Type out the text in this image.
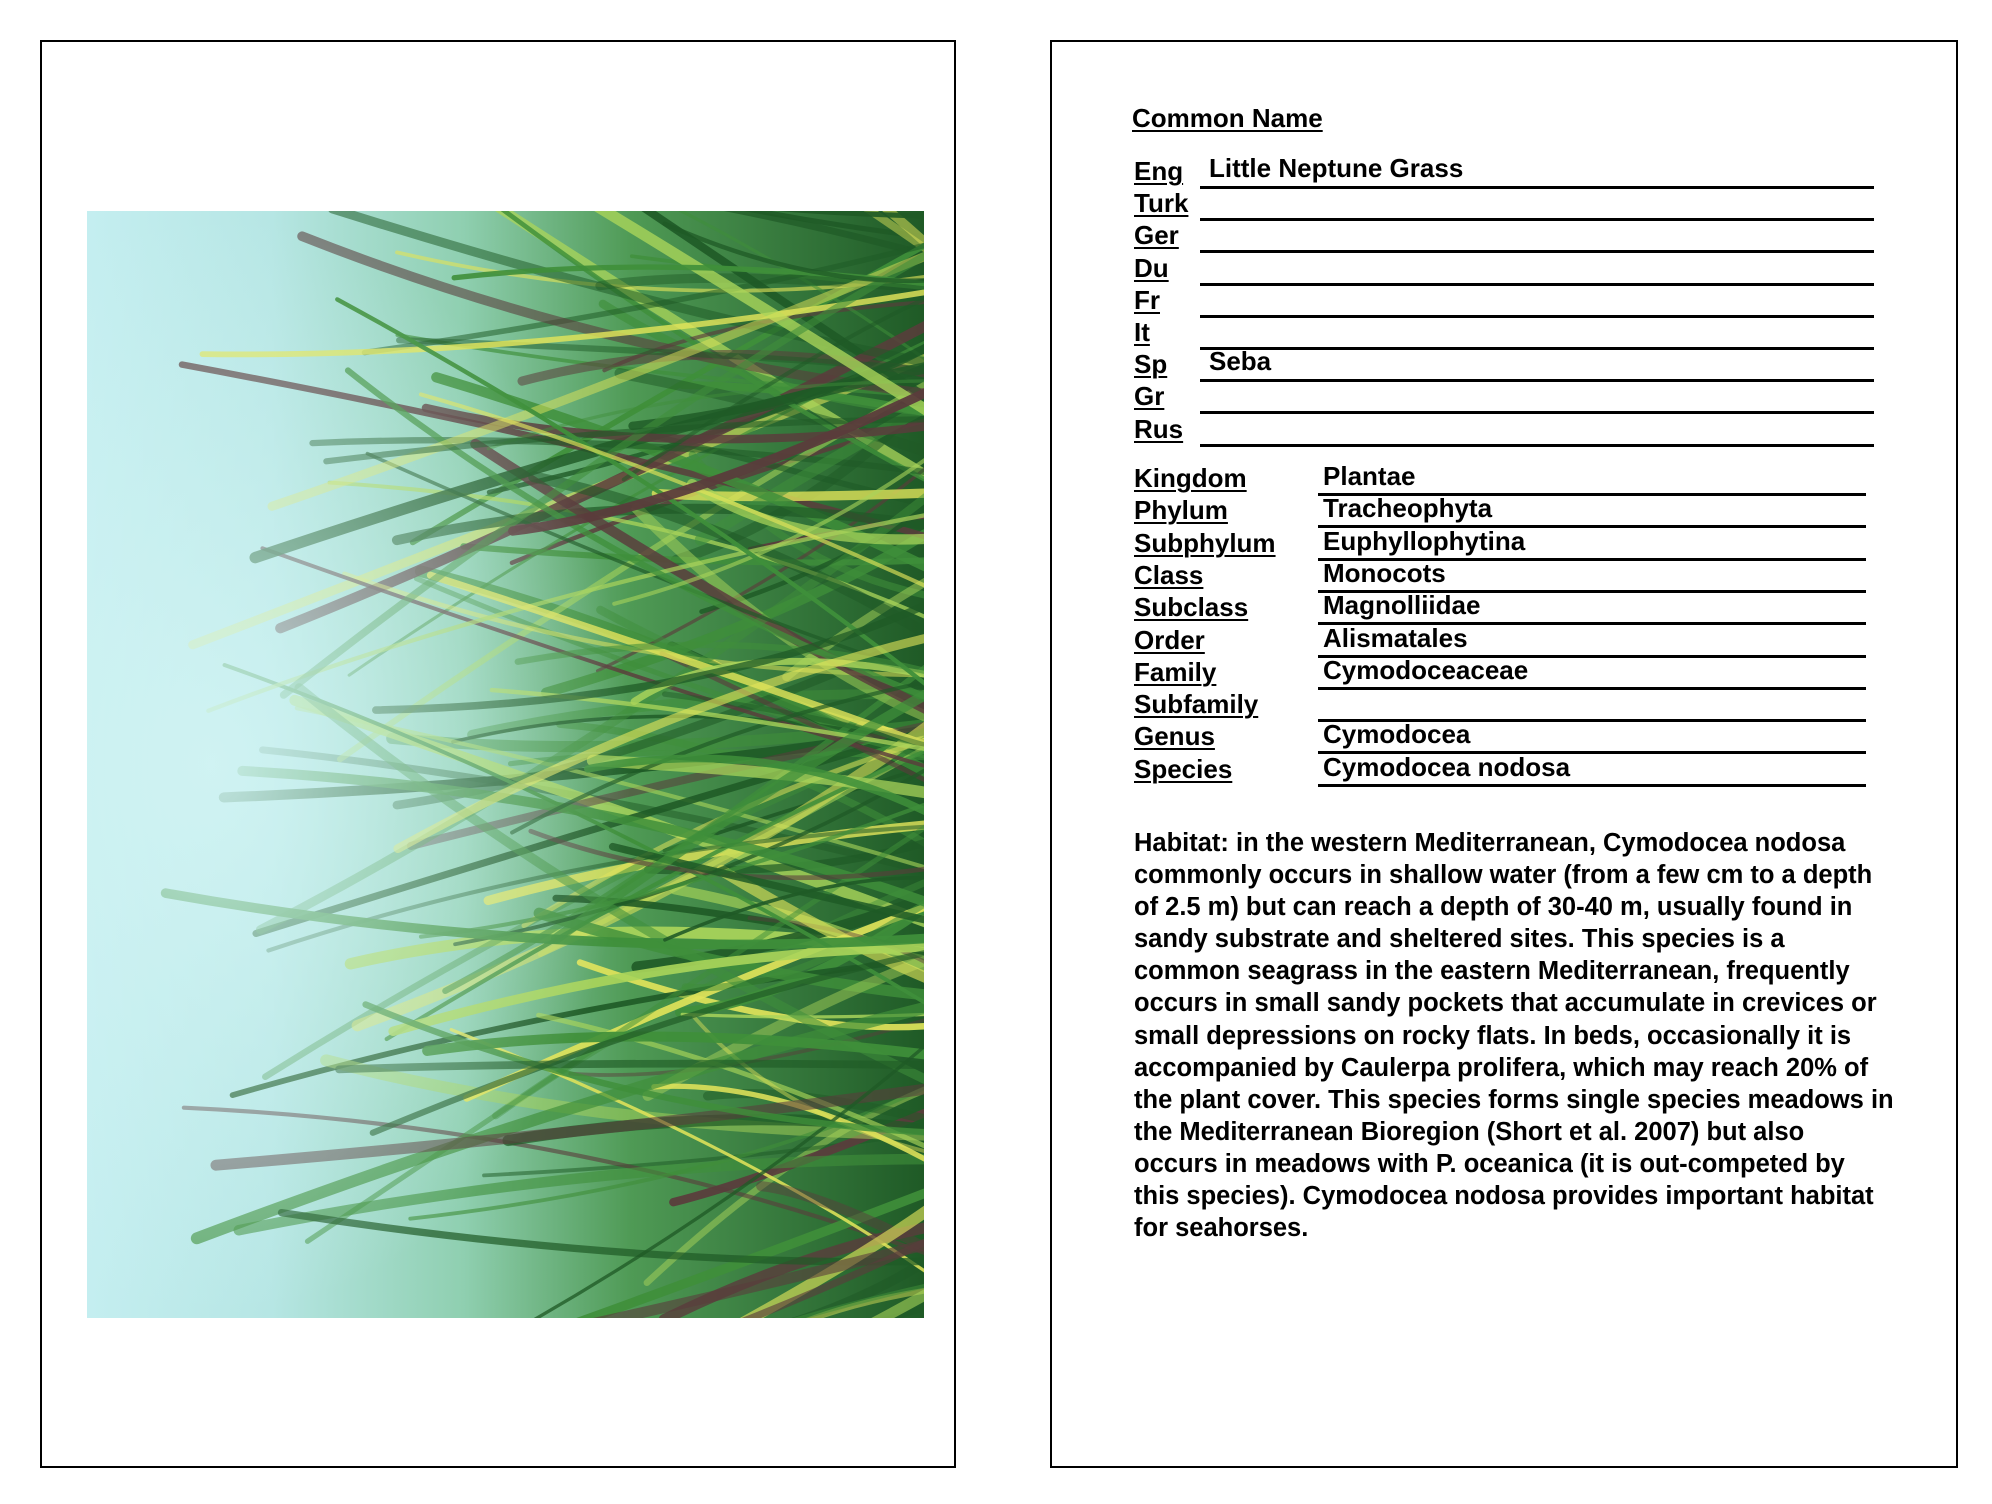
Common Name
Eng Little Neptune Grass
Turk
Ger
Du
Fr
It
Sp Seba
Gr
Rus
Kingdom	Plantae
Phylum	Tracheophyta
Subphylum Euphyllophytina
Class	Monocots
Subclass	Magnolliidae
Order	Alismatales
Family	Cymodoceaceae
Subfamily
Genus	Cymodocea
Species	Cymodocea nodosa

Habitat: in the western Mediterranean, Cymodocea nodosa commonly occurs in shallow water (from a few cm to a depth of 2.5 m) but can reach a depth of 30-40 m, usually found in sandy substrate and sheltered sites. This species is a common seagrass in the eastern Mediterranean, frequently occurs in small sandy pockets that accumulate in crevices or small depressions on rocky flats. In beds, occasionally it is accompanied by Caulerpa prolifera, which may reach 20% of the plant cover. This species forms single species meadows in the Mediterranean Bioregion (Short et al. 2007) but also occurs in meadows with P. oceanica (it is out-competed by this species). Cymodocea nodosa provides important habitat for seahorses.
